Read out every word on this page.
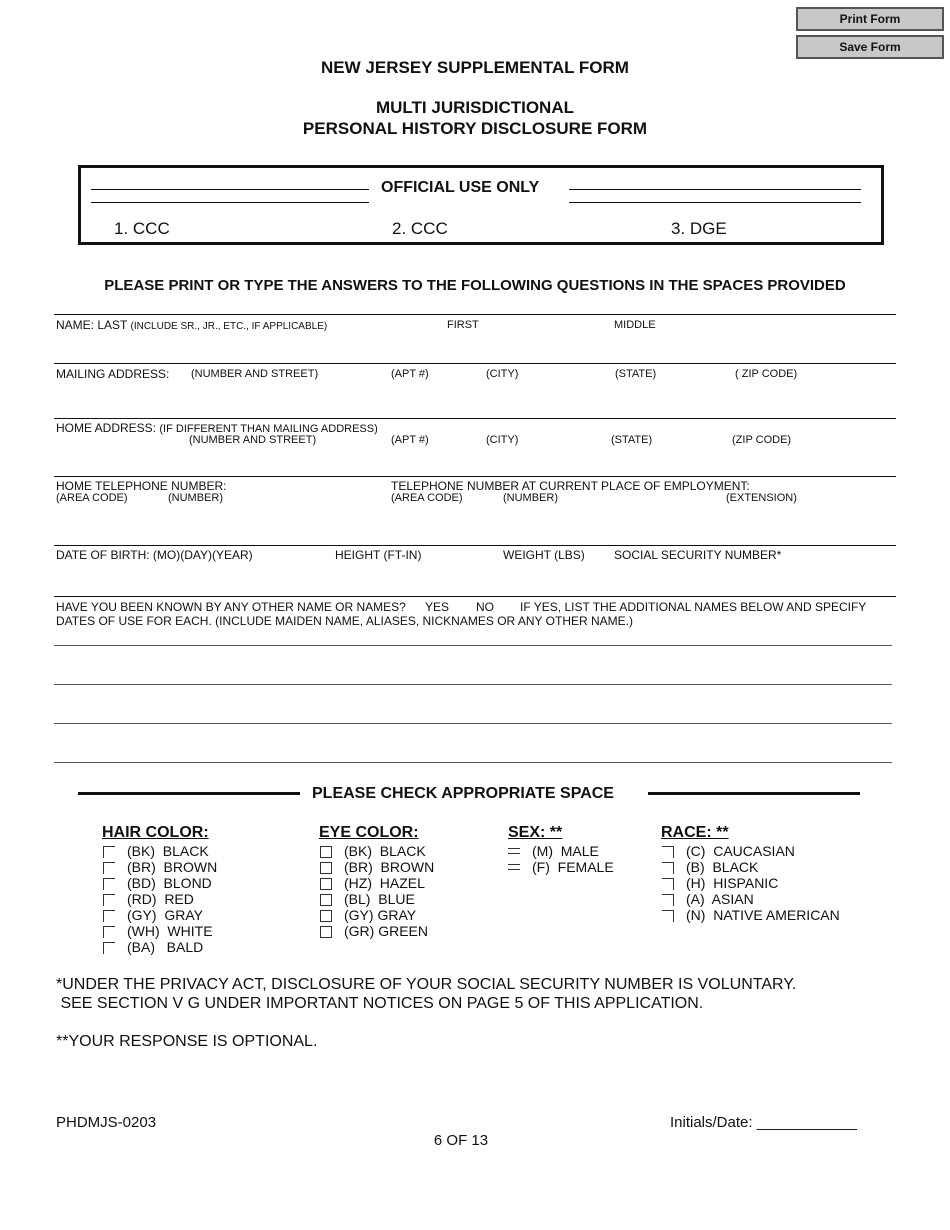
Print Form
Save Form
NEW JERSEY SUPPLEMENTAL FORM
MULTI JURISDICTIONAL
PERSONAL HISTORY DISCLOSURE FORM
OFFICIAL USE ONLY
1. CCC	2. CCC	3. DGE
PLEASE PRINT OR TYPE THE ANSWERS TO THE FOLLOWING QUESTIONS IN THE SPACES PROVIDED
NAME: LAST (INCLUDE SR., JR., ETC., IF APPLICABLE)	FIRST	MIDDLE
MAILING ADDRESS: (NUMBER AND STREET)	(APT #)	(CITY)	(STATE)	( ZIP CODE)
HOME ADDRESS: (IF DIFFERENT THAN MAILING ADDRESS)
(NUMBER AND STREET)	(APT #)	(CITY)	(STATE)	(ZIP CODE)
HOME TELEPHONE NUMBER:
(AREA CODE)	(NUMBER)
TELEPHONE NUMBER AT CURRENT PLACE OF EMPLOYMENT:
(AREA CODE)	(NUMBER)	(EXTENSION)
DATE OF BIRTH: (MO)(DAY)(YEAR)	HEIGHT (FT-IN)	WEIGHT (LBS) SOCIAL SECURITY NUMBER*
HAVE YOU BEEN KNOWN BY ANY OTHER NAME OR NAMES? YES NO IF YES, LIST THE ADDITIONAL NAMES BELOW AND SPECIFY
DATES OF USE FOR EACH. (INCLUDE MAIDEN NAME, ALIASES, NICKNAMES OR ANY OTHER NAME.)
PLEASE CHECK APPROPRIATE SPACE
HAIR COLOR:
(BK)  BLACK
(BR)  BROWN
(BD)  BLOND
(RD)  RED
(GY)  GRAY
(WH)  WHITE
(BA)   BALD
EYE COLOR:
(BK)  BLACK
(BR)  BROWN
(HZ)  HAZEL
(BL)  BLUE
(GY) GRAY
(GR) GREEN
SEX: **
(M)  MALE
(F)  FEMALE
RACE: **
(C)  CAUCASIAN
(B)  BLACK
(H)  HISPANIC
(A)  ASIAN
(N)  NATIVE AMERICAN
*UNDER THE PRIVACY ACT, DISCLOSURE OF YOUR SOCIAL SECURITY NUMBER IS VOLUNTARY.
SEE SECTION V G UNDER IMPORTANT NOTICES ON PAGE 5 OF THIS APPLICATION.
**YOUR RESPONSE IS OPTIONAL.
PHDMJS-0203
6 OF 13
Initials/Date: ____________
